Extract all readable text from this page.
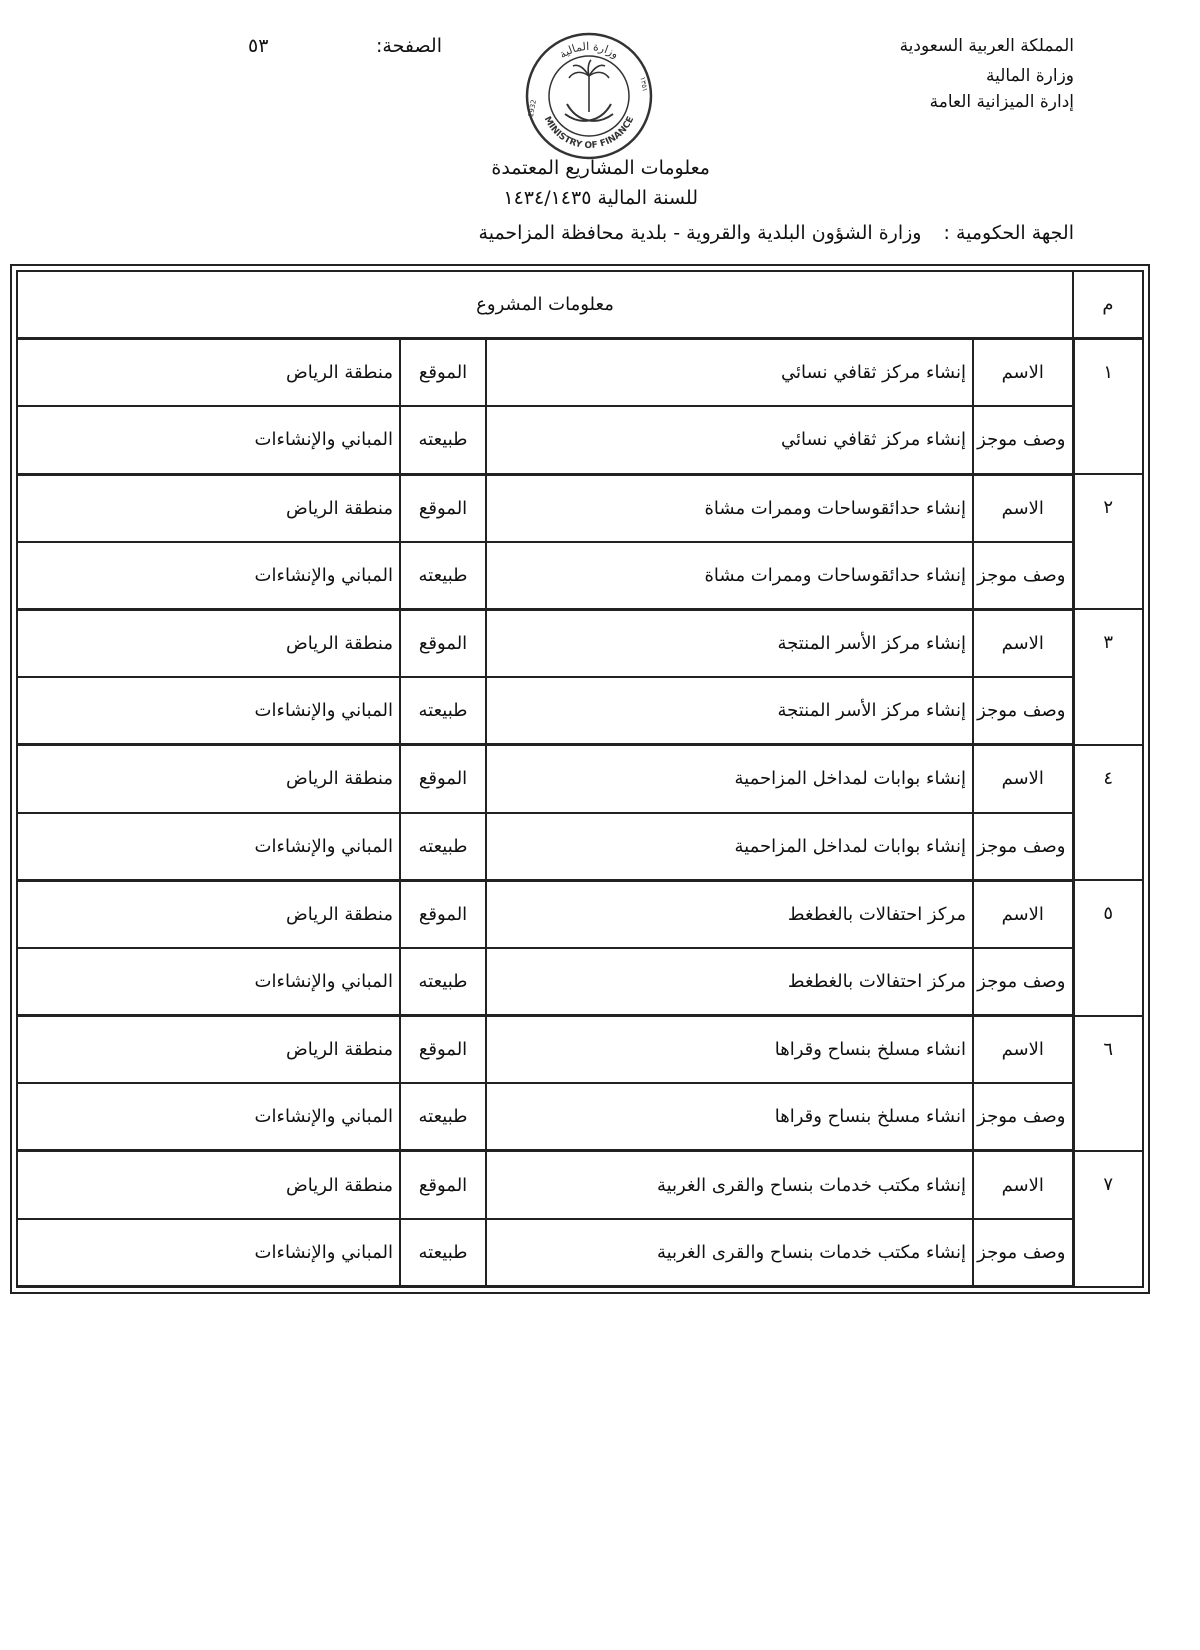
المملكة العربية السعودية
وزارة المالية
إدارة الميزانية العامة
الصفحة:
٥٣	وزارة المالية
MINISTRY OF FINANCE
1932
١٣٥١
معلومات المشاريع المعتمدة
للسنة المالية ١٤٣٤/١٤٣٥
الجهة الحكومية :وزارة الشؤون البلدية والقروية - بلدية محافظة المزاحمية
م	معلومات المشروع			
١	الاسم	إنشاء مركز ثقافي نسائي	الموقع	منطقة الرياض
	وصف موجز	إنشاء مركز ثقافي نسائي	طبيعته	المباني والإنشاءات
٢	الاسم	إنشاء حدائقوساحات وممرات مشاة	الموقع	منطقة الرياض
	وصف موجز	إنشاء حدائقوساحات وممرات مشاة	طبيعته	المباني والإنشاءات
٣	الاسم	إنشاء مركز الأسر المنتجة	الموقع	منطقة الرياض
	وصف موجز	إنشاء مركز الأسر المنتجة	طبيعته	المباني والإنشاءات
٤	الاسم	إنشاء بوابات لمداخل المزاحمية	الموقع	منطقة الرياض
	وصف موجز	إنشاء بوابات لمداخل المزاحمية	طبيعته	المباني والإنشاءات
٥	الاسم	مركز احتفالات بالغطغط	الموقع	منطقة الرياض
	وصف موجز	مركز احتفالات بالغطغط	طبيعته	المباني والإنشاءات
٦	الاسم	انشاء مسلخ بنساح وقراها	الموقع	منطقة الرياض
	وصف موجز	انشاء مسلخ بنساح وقراها	طبيعته	المباني والإنشاءات
٧	الاسم	إنشاء مكتب خدمات بنساح والقرى الغربية	الموقع	منطقة الرياض
	وصف موجز	إنشاء مكتب خدمات بنساح والقرى الغربية	طبيعته	المباني والإنشاءات
